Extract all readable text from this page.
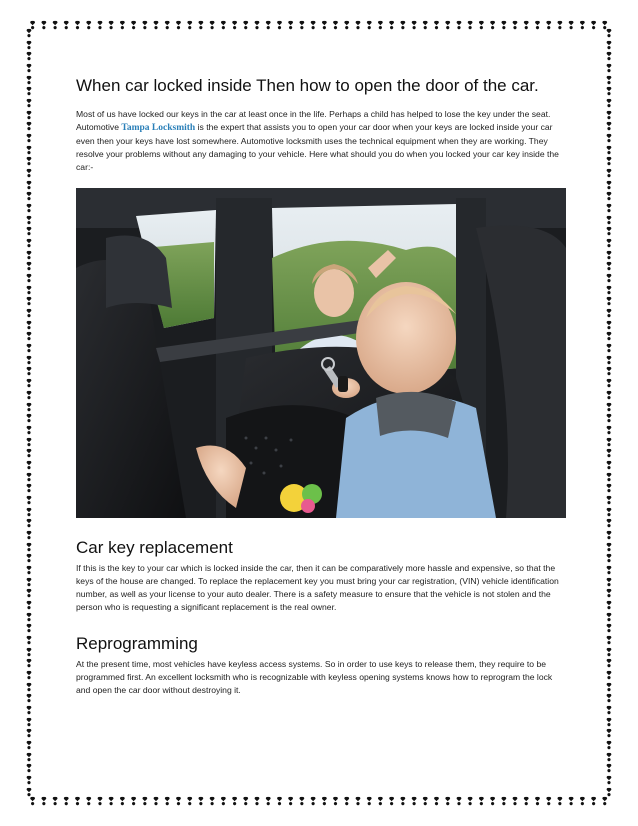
❢ ❢ ❢ ❢ ❢ ❢ ❢ ❢ ❢ ❢ ❢ ❢ ❢ ❢ ❢ ❢ ❢ ❢ ❢ ❢ ❢ ❢ ❢ ❢ ❢ ❢ ❢ ❢ ❢ ❢ ❢ ❢ ❢ ❢ ❢ ❢ ❢ ❢ ❢ ❢ ❢ ❢ ❢ ❢ ❢ ❢ ❢ ❢ ❢ ❢ ❢ ❢
❢ ❢ ❢ ❢ ❢ ❢ ❢ ❢ ❢ ❢ ❢ ❢ ❢ ❢ ❢ ❢ ❢ ❢ ❢ ❢ ❢ ❢ ❢ ❢ ❢ ❢ ❢ ❢ ❢ ❢ ❢ ❢ ❢ ❢ ❢ ❢ ❢ ❢ ❢ ❢ ❢ ❢ ❢ ❢ ❢ ❢ ❢ ❢ ❢ ❢ ❢ ❢
❢
❢
❢
❢
❢
❢
❢
❢
❢
❢
❢
❢
❢
❢
❢
❢
❢
❢
❢
❢
❢
❢
❢
❢
❢
❢
❢
❢
❢
❢
❢
❢
❢
❢
❢
❢
❢
❢
❢
❢
❢
❢
❢
❢
❢
❢
❢
❢
❢
❢
❢
❢
❢
❢
❢
❢
❢
❢
❢
❢
❢
❢
❢
❢
❢
❢
❢
❢
❢
❢
❢
❢
❢
❢
❢
❢
❢
❢
❢
❢
❢
❢
❢
❢
❢
❢
❢
❢
❢
❢
❢
❢
❢
❢
❢
❢
❢
❢
❢
❢
❢
❢
❢
❢
❢
❢
❢
❢
❢
❢
❢
❢
❢
❢
❢
❢
❢
❢
❢
❢
❢
❢
❢
❢
❢
❢
❢
❢
❢
❢
❢
❢
When car locked inside Then how to open the door of the car.

Most of us have locked our keys in the car at least once in the life. Perhaps a child has helped to lose the key under the seat.

Automotive Tampa Locksmith is the expert that assists you to open your car door when your keys are locked inside your car even then your keys have lost somewhere. Automotive locksmith uses the technical equipment when they are working. They resolve your problems without any damaging to your vehicle. Here what should you do when you locked your car key inside the car:-

Car key replacement

If this is the key to your car which is locked inside the car, then it can be comparatively more hassle and expensive, so that the keys of the house are changed. To replace the replacement key you must bring your car registration, (VIN) vehicle identification number, as well as your license to your auto dealer. There is a safety measure to ensure that the vehicle is not stolen and the person who is requesting a significant replacement is the real owner.

Reprogramming

At the present time, most vehicles have keyless access systems. So in order to use keys to release them, they require to be programmed first. An excellent locksmith who is recognizable with keyless opening systems knows how to reprogram the lock and open the car door without destroying it.
